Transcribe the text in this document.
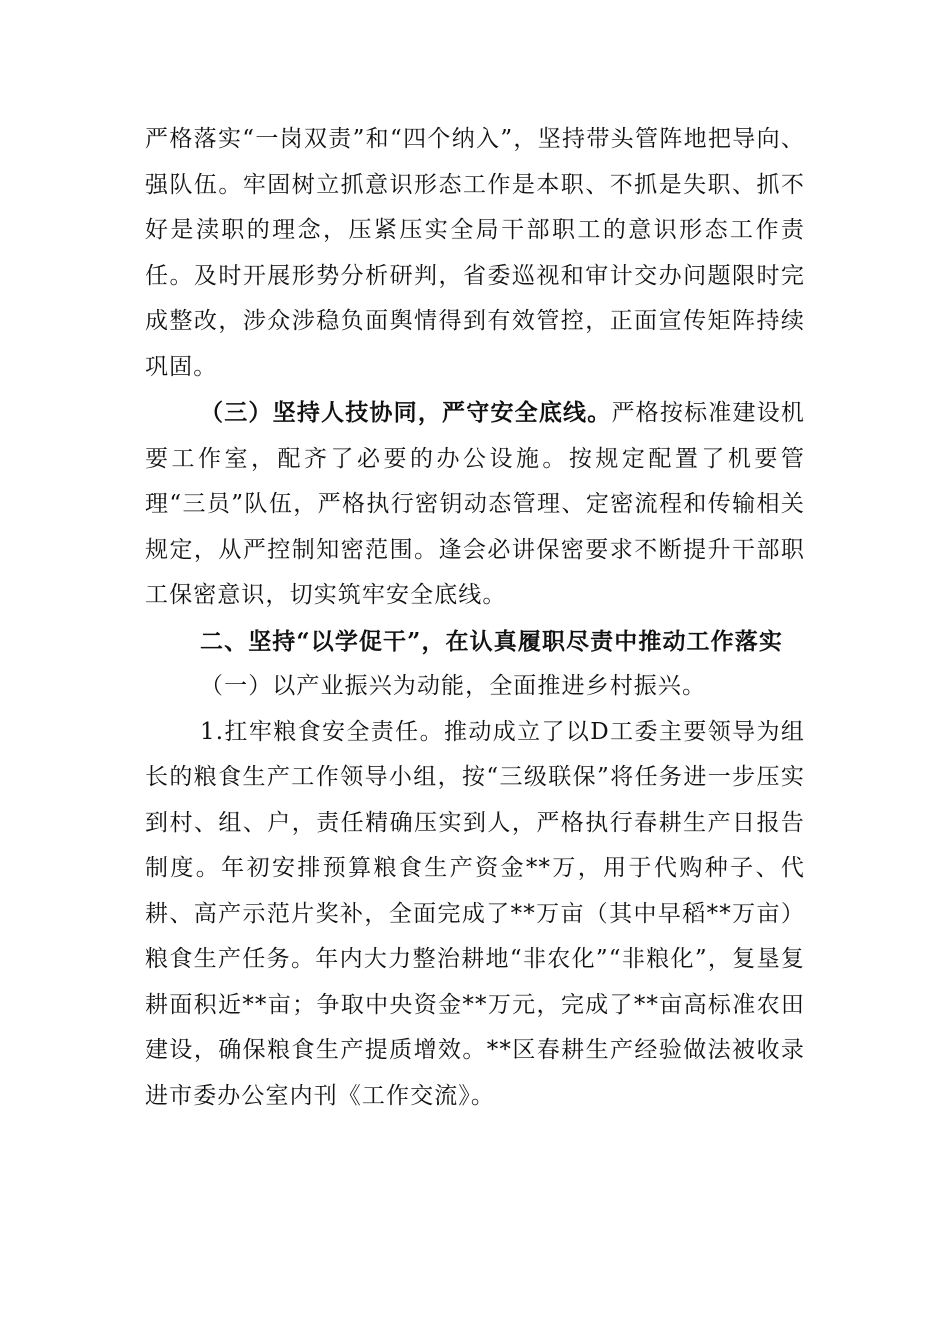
严格落实“一岗双责”和“四个纳入”，坚持带头管阵地把导向、强队伍。牢固树立抓意识形态工作是本职、不抓是失职、抓不好是渎职的理念，压紧压实全局干部职工的意识形态工作责任。及时开展形势分析研判，省委巡视和审计交办问题限时完成整改，涉众涉稳负面舆情得到有效管控，正面宣传矩阵持续巩固。

（三）坚持人技协同，严守安全底线。严格按标准建设机要工作室，配齐了必要的办公设施。按规定配置了机要管理“三员”队伍，严格执行密钥动态管理、定密流程和传输相关规定，从严控制知密范围。逢会必讲保密要求不断提升干部职工保密意识，切实筑牢安全底线。

二、坚持“以学促干”，在认真履职尽责中推动工作落实

（一）以产业振兴为动能，全面推进乡村振兴。

1.扛牢粮食安全责任。推动成立了以D工委主要领导为组长的粮食生产工作领导小组，按“三级联保”将任务进一步压实到村、组、户，责任精确压实到人，严格执行春耕生产日报告制度。年初安排预算粮食生产资金**万，用于代购种子、代耕、高产示范片奖补，全面完成了**万亩（其中早稻**万亩）粮食生产任务。年内大力整治耕地“非农化”“非粮化”，复垦复耕面积近**亩；争取中央资金**万元，完成了**亩高标准农田建设，确保粮食生产提质增效。**区春耕生产经验做法被收录进市委办公室内刊《工作交流》。
